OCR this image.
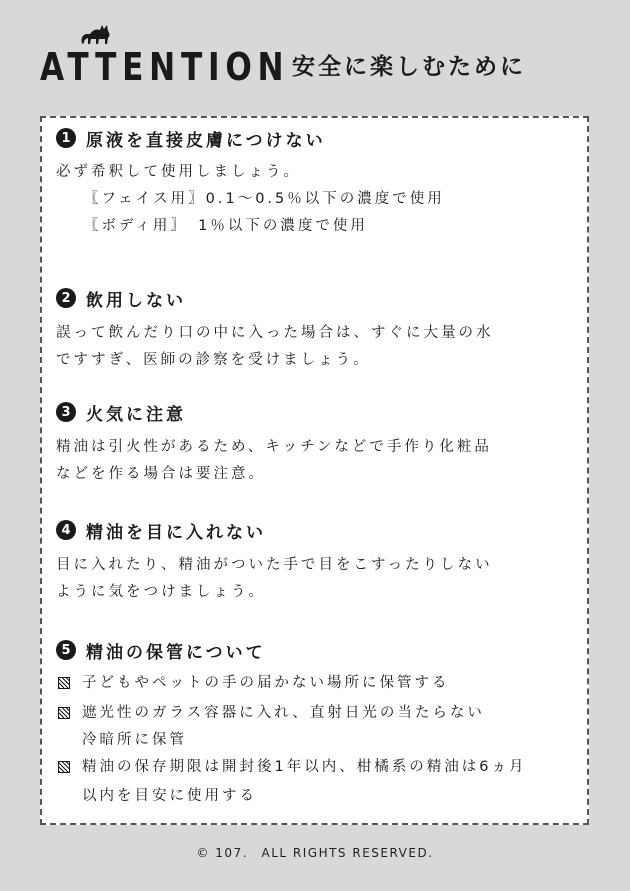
ATTENTION 安全に楽しむために
1 原液を直接皮膚につけない
必ず希釈して使用しましょう。
〖フェイス用〗0.1～0.5％以下の濃度で使用
〖ボディ用〗　1％以下の濃度で使用
2 飲用しない
誤って飲んだり口の中に入った場合は、すぐに大量の水
ですすぎ、医師の診察を受けましょう。
3 火気に注意
精油は引火性があるため、キッチンなどで手作り化粧品
などを作る場合は要注意。
4 精油を目に入れない
目に入れたり、精油がついた手で目をこすったりしない
ように気をつけましょう。
5 精油の保管について
子どもやペットの手の届かない場所に保管する
遮光性のガラス容器に入れ、直射日光の当たらない
冷暗所に保管
精油の保存期限は開封後1年以内、柑橘系の精油は6ヵ月
以内を目安に使用する
© 107.　ALL RIGHTS RESERVED.
